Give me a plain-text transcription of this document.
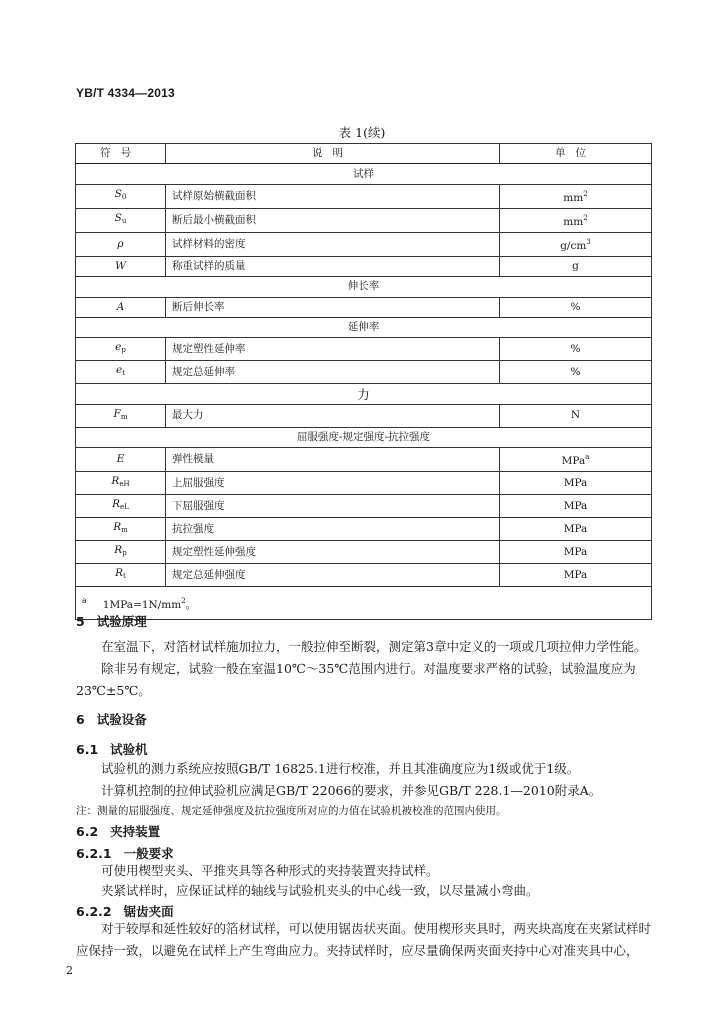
YB/T 4334—2013
表 1(续)
符号	说明	单位
试样		
$S_0$	试样原始横截面积	$mm^2$
$S_u$	断后最小横截面积	$mm^2$
ρ	试样材料的密度	$g/cm^3$
W	称重试样的质量	g
伸长率		
A	断后伸长率	%
延伸率		
$e_p$	规定塑性延伸率	%
$e_t$	规定总延伸率	%
力		
$F_m$	最大力	N
屈服强度-规定强度-抗拉强度		
E	弹性模量	MPa$^a$
$R_{eH}$	上屈服强度	MPa
$R_{eL}$	下屈服强度	MPa
$R_m$	抗拉强度	MPa
$R_p$	规定塑性延伸强度	MPa
$R_t$	规定总延伸强度	MPa
$^a$ $1MPa=1N/mm^2$。		
5 试验原理

在室温下，对箔材试样施加拉力，一般拉伸至断裂，测定第3章中定义的一项或几项拉伸力学性能。

除非另有规定，试验一般在室温10℃～35℃范围内进行。对温度要求严格的试验，试验温度应为23℃±5℃。

6 试验设备
6.1 试验机

试验机的测力系统应按照GB/T 16825.1进行校准，并且其准确度应为1级或优于1级。

计算机控制的拉伸试验机应满足GB/T 22066的要求，并参见GB/T 228.1—2010附录A。

注：测量的屈服强度、规定延伸强度及抗拉强度所对应的力值在试验机被校准的范围内使用。

6.2 夹持装置
6.2.1 一般要求

可使用楔型夹头、平推夹具等各种形式的夹持装置夹持试样。

夹紧试样时，应保证试样的轴线与试验机夹头的中心线一致，以尽量减小弯曲。

6.2.2 锯齿夹面

对于较厚和延性较好的箔材试样，可以使用锯齿状夹面。使用楔形夹具时，两夹块高度在夹紧试样时应保持一致，以避免在试样上产生弯曲应力。夹持试样时，应尽量确保两夹面夹持中心对准夹具中心，

2
